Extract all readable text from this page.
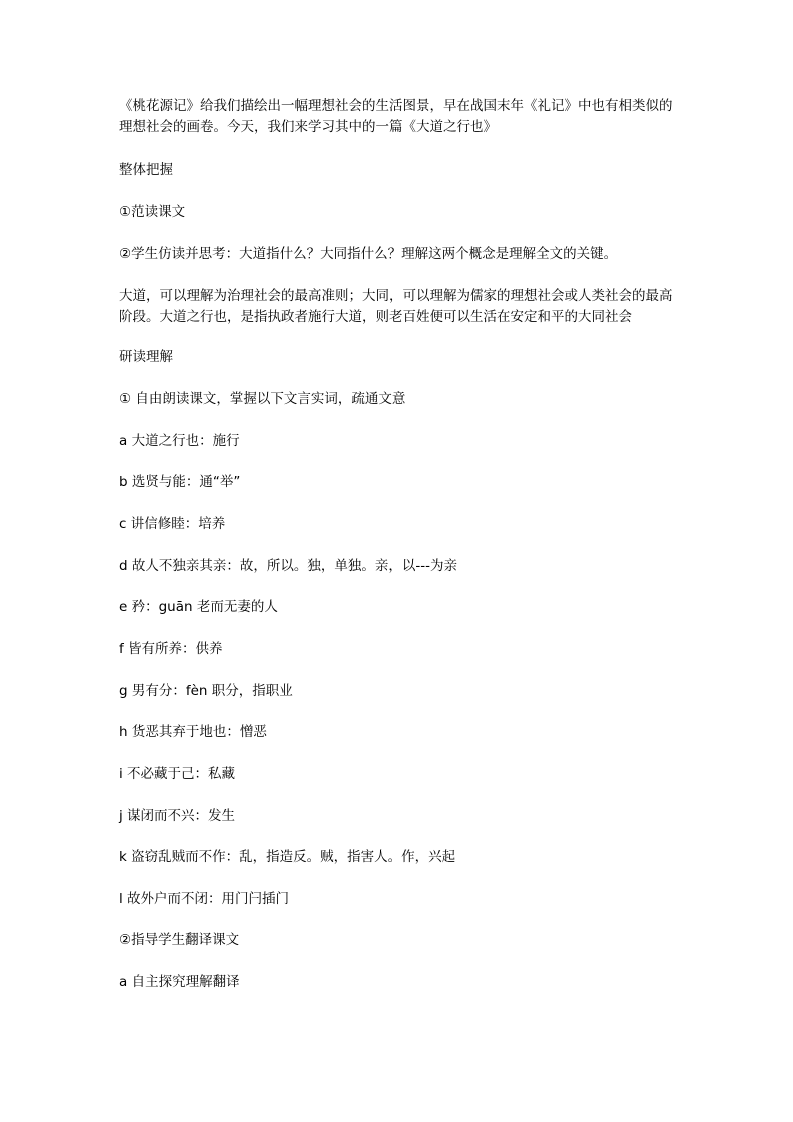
《桃花源记》给我们描绘出一幅理想社会的生活图景，早在战国末年《礼记》中也有相类似的理想社会的画卷。今天，我们来学习其中的一篇《大道之行也》

整体把握

①范读课文

②学生仿读并思考：大道指什么？大同指什么？理解这两个概念是理解全文的关键。

大道，可以理解为治理社会的最高准则；大同，可以理解为儒家的理想社会或人类社会的最高阶段。大道之行也，是指执政者施行大道，则老百姓便可以生活在安定和平的大同社会

研读理解

① 自由朗读课文，掌握以下文言实词，疏通文意

a 大道之行也：施行

b 选贤与能：通“举”

c 讲信修睦：培养

d 故人不独亲其亲：故，所以。独，单独。亲，以---为亲

e 矜：guān 老而无妻的人

f 皆有所养：供养

g 男有分：fèn 职分，指职业

h 货恶其弃于地也：憎恶

i 不必藏于己：私藏

j 谋闭而不兴：发生

k 盗窃乱贼而不作：乱，指造反。贼，指害人。作，兴起

l 故外户而不闭：用门闩插门

②指导学生翻译课文

a 自主探究理解翻译
